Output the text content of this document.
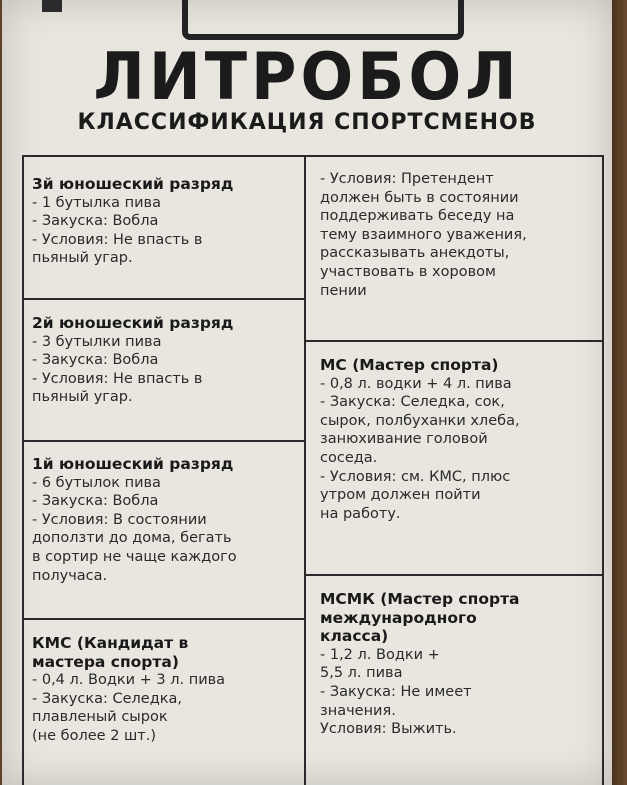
ЛИТРОБОЛ
КЛАССИФИКАЦИЯ СПОРТСМЕНОВ
3й юношеский разряд
- 1 бутылка пива
- Закуска: Вобла
- Условия: Не впасть в
пьяный угар.
2й юношеский разряд
- 3 бутылки пива
- Закуска: Вобла
- Условия: Не впасть в
пьяный угар.
1й юношеский разряд
- 6 бутылок пива
- Закуска: Вобла
- Условия: В состоянии
доползти до дома, бегать
в сортир не чаще каждого
получаса.
КМС (Кандидат в
мастера спорта)
- 0,4 л. Водки + 3 л. пива
- Закуска: Селедка,
плавленый сырок
(не более 2 шт.)
- Условия: Претендент
должен быть в состоянии
поддерживать беседу на
тему взаимного уважения,
рассказывать анекдоты,
участвовать в хоровом
пении
МС (Мастер спорта)
- 0,8 л. водки + 4 л. пива
- Закуска: Селедка, сок,
сырок, полбуханки хлеба,
занюхивание головой
соседа.
- Условия: см. КМС, плюс
утром должен пойти
на работу.
МСМК (Мастер спорта
международного
класса)
- 1,2 л. Водки +
5,5 л. пива
- Закуска: Не имеет
значения.
Условия: Выжить.
